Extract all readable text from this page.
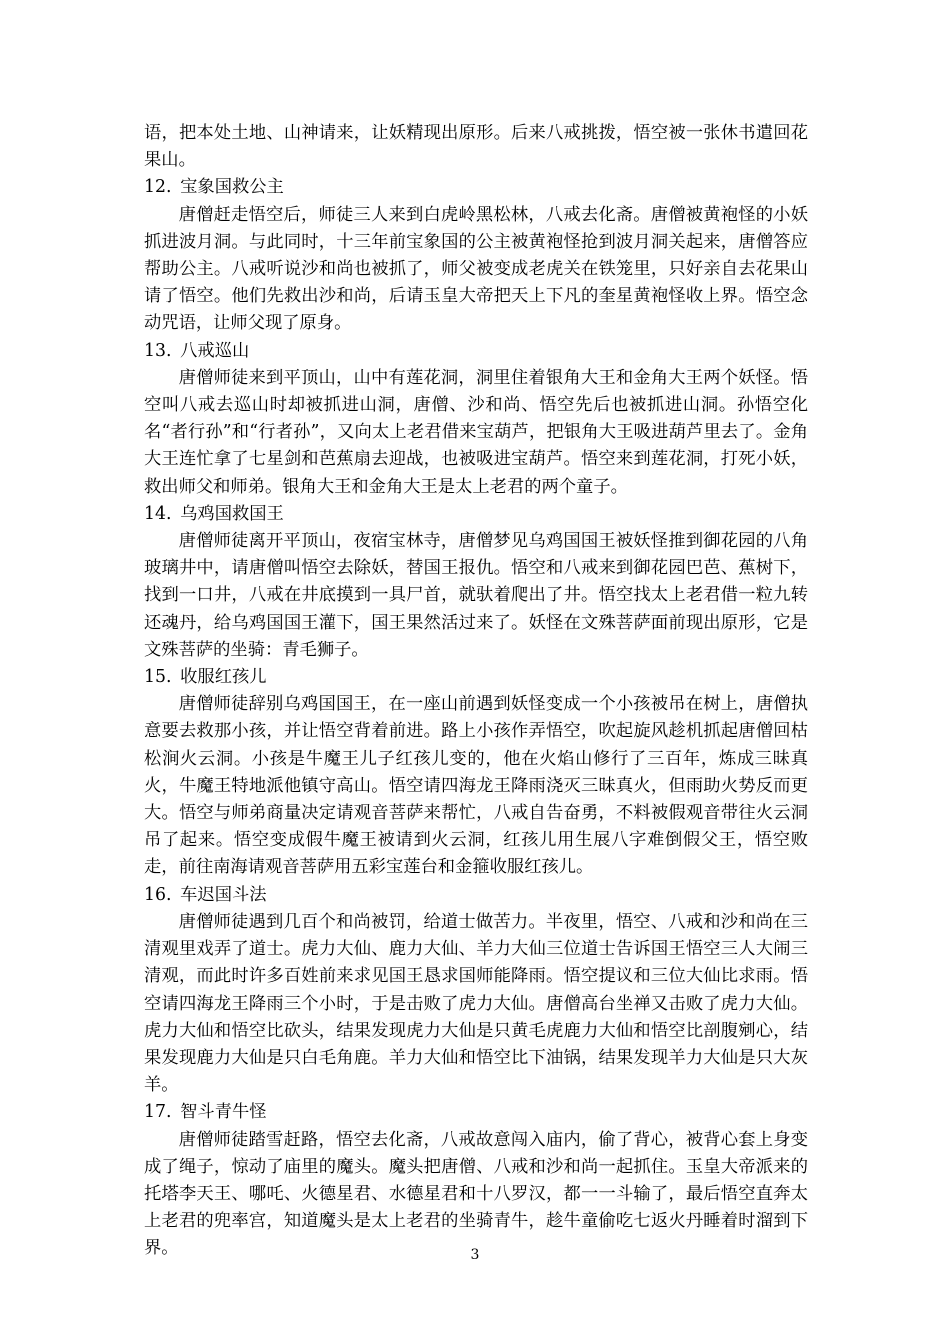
语，把本处土地、山神请来，让妖精现出原形。后来八戒挑拨，悟空被一张休书遣回花果山。

12. 宝象国救公主

唐僧赶走悟空后，师徒三人来到白虎岭黑松林，八戒去化斋。唐僧被黄袍怪的小妖抓进波月洞。与此同时，十三年前宝象国的公主被黄袍怪抢到波月洞关起来，唐僧答应帮助公主。八戒听说沙和尚也被抓了，师父被变成老虎关在铁笼里，只好亲自去花果山请了悟空。他们先救出沙和尚，后请玉皇大帝把天上下凡的奎星黄袍怪收上界。悟空念动咒语，让师父现了原身。

13. 八戒巡山

唐僧师徒来到平顶山，山中有莲花洞，洞里住着银角大王和金角大王两个妖怪。悟空叫八戒去巡山时却被抓进山洞，唐僧、沙和尚、悟空先后也被抓进山洞。孙悟空化名“者行孙”和“行者孙”，又向太上老君借来宝葫芦，把银角大王吸进葫芦里去了。金角大王连忙拿了七星剑和芭蕉扇去迎战，也被吸进宝葫芦。悟空来到莲花洞，打死小妖，救出师父和师弟。银角大王和金角大王是太上老君的两个童子。

14. 乌鸡国救国王

唐僧师徒离开平顶山，夜宿宝林寺，唐僧梦见乌鸡国国王被妖怪推到御花园的八角玻璃井中，请唐僧叫悟空去除妖，替国王报仇。悟空和八戒来到御花园巴芭、蕉树下，找到一口井，八戒在井底摸到一具尸首，就驮着爬出了井。悟空找太上老君借一粒九转还魂丹，给乌鸡国国王灌下，国王果然活过来了。妖怪在文殊菩萨面前现出原形，它是文殊菩萨的坐骑：青毛狮子。

15. 收服红孩儿

唐僧师徒辞别乌鸡国国王，在一座山前遇到妖怪变成一个小孩被吊在树上，唐僧执意要去救那小孩，并让悟空背着前进。路上小孩作弄悟空，吹起旋风趁机抓起唐僧回枯松涧火云洞。小孩是牛魔王儿子红孩儿变的，他在火焰山修行了三百年，炼成三昧真火，牛魔王特地派他镇守高山。悟空请四海龙王降雨浇灭三昧真火，但雨助火势反而更大。悟空与师弟商量决定请观音菩萨来帮忙，八戒自告奋勇，不料被假观音带往火云洞吊了起来。悟空变成假牛魔王被请到火云洞，红孩儿用生展八字难倒假父王，悟空败走，前往南海请观音菩萨用五彩宝莲台和金箍收服红孩儿。

16. 车迟国斗法

唐僧师徒遇到几百个和尚被罚，给道士做苦力。半夜里，悟空、八戒和沙和尚在三清观里戏弄了道士。虎力大仙、鹿力大仙、羊力大仙三位道士告诉国王悟空三人大闹三清观，而此时许多百姓前来求见国王恳求国师能降雨。悟空提议和三位大仙比求雨。悟空请四海龙王降雨三个小时，于是击败了虎力大仙。唐僧高台坐禅又击败了虎力大仙。虎力大仙和悟空比砍头，结果发现虎力大仙是只黄毛虎鹿力大仙和悟空比剖腹剜心，结果发现鹿力大仙是只白毛角鹿。羊力大仙和悟空比下油锅，结果发现羊力大仙是只大灰羊。

17. 智斗青牛怪

唐僧师徒踏雪赶路，悟空去化斋，八戒故意闯入庙内，偷了背心，被背心套上身变成了绳子，惊动了庙里的魔头。魔头把唐僧、八戒和沙和尚一起抓住。玉皇大帝派来的托塔李天王、哪吒、火德星君、水德星君和十八罗汉，都一一斗输了，最后悟空直奔太上老君的兜率宫，知道魔头是太上老君的坐骑青牛，趁牛童偷吃七返火丹睡着时溜到下界。	3
